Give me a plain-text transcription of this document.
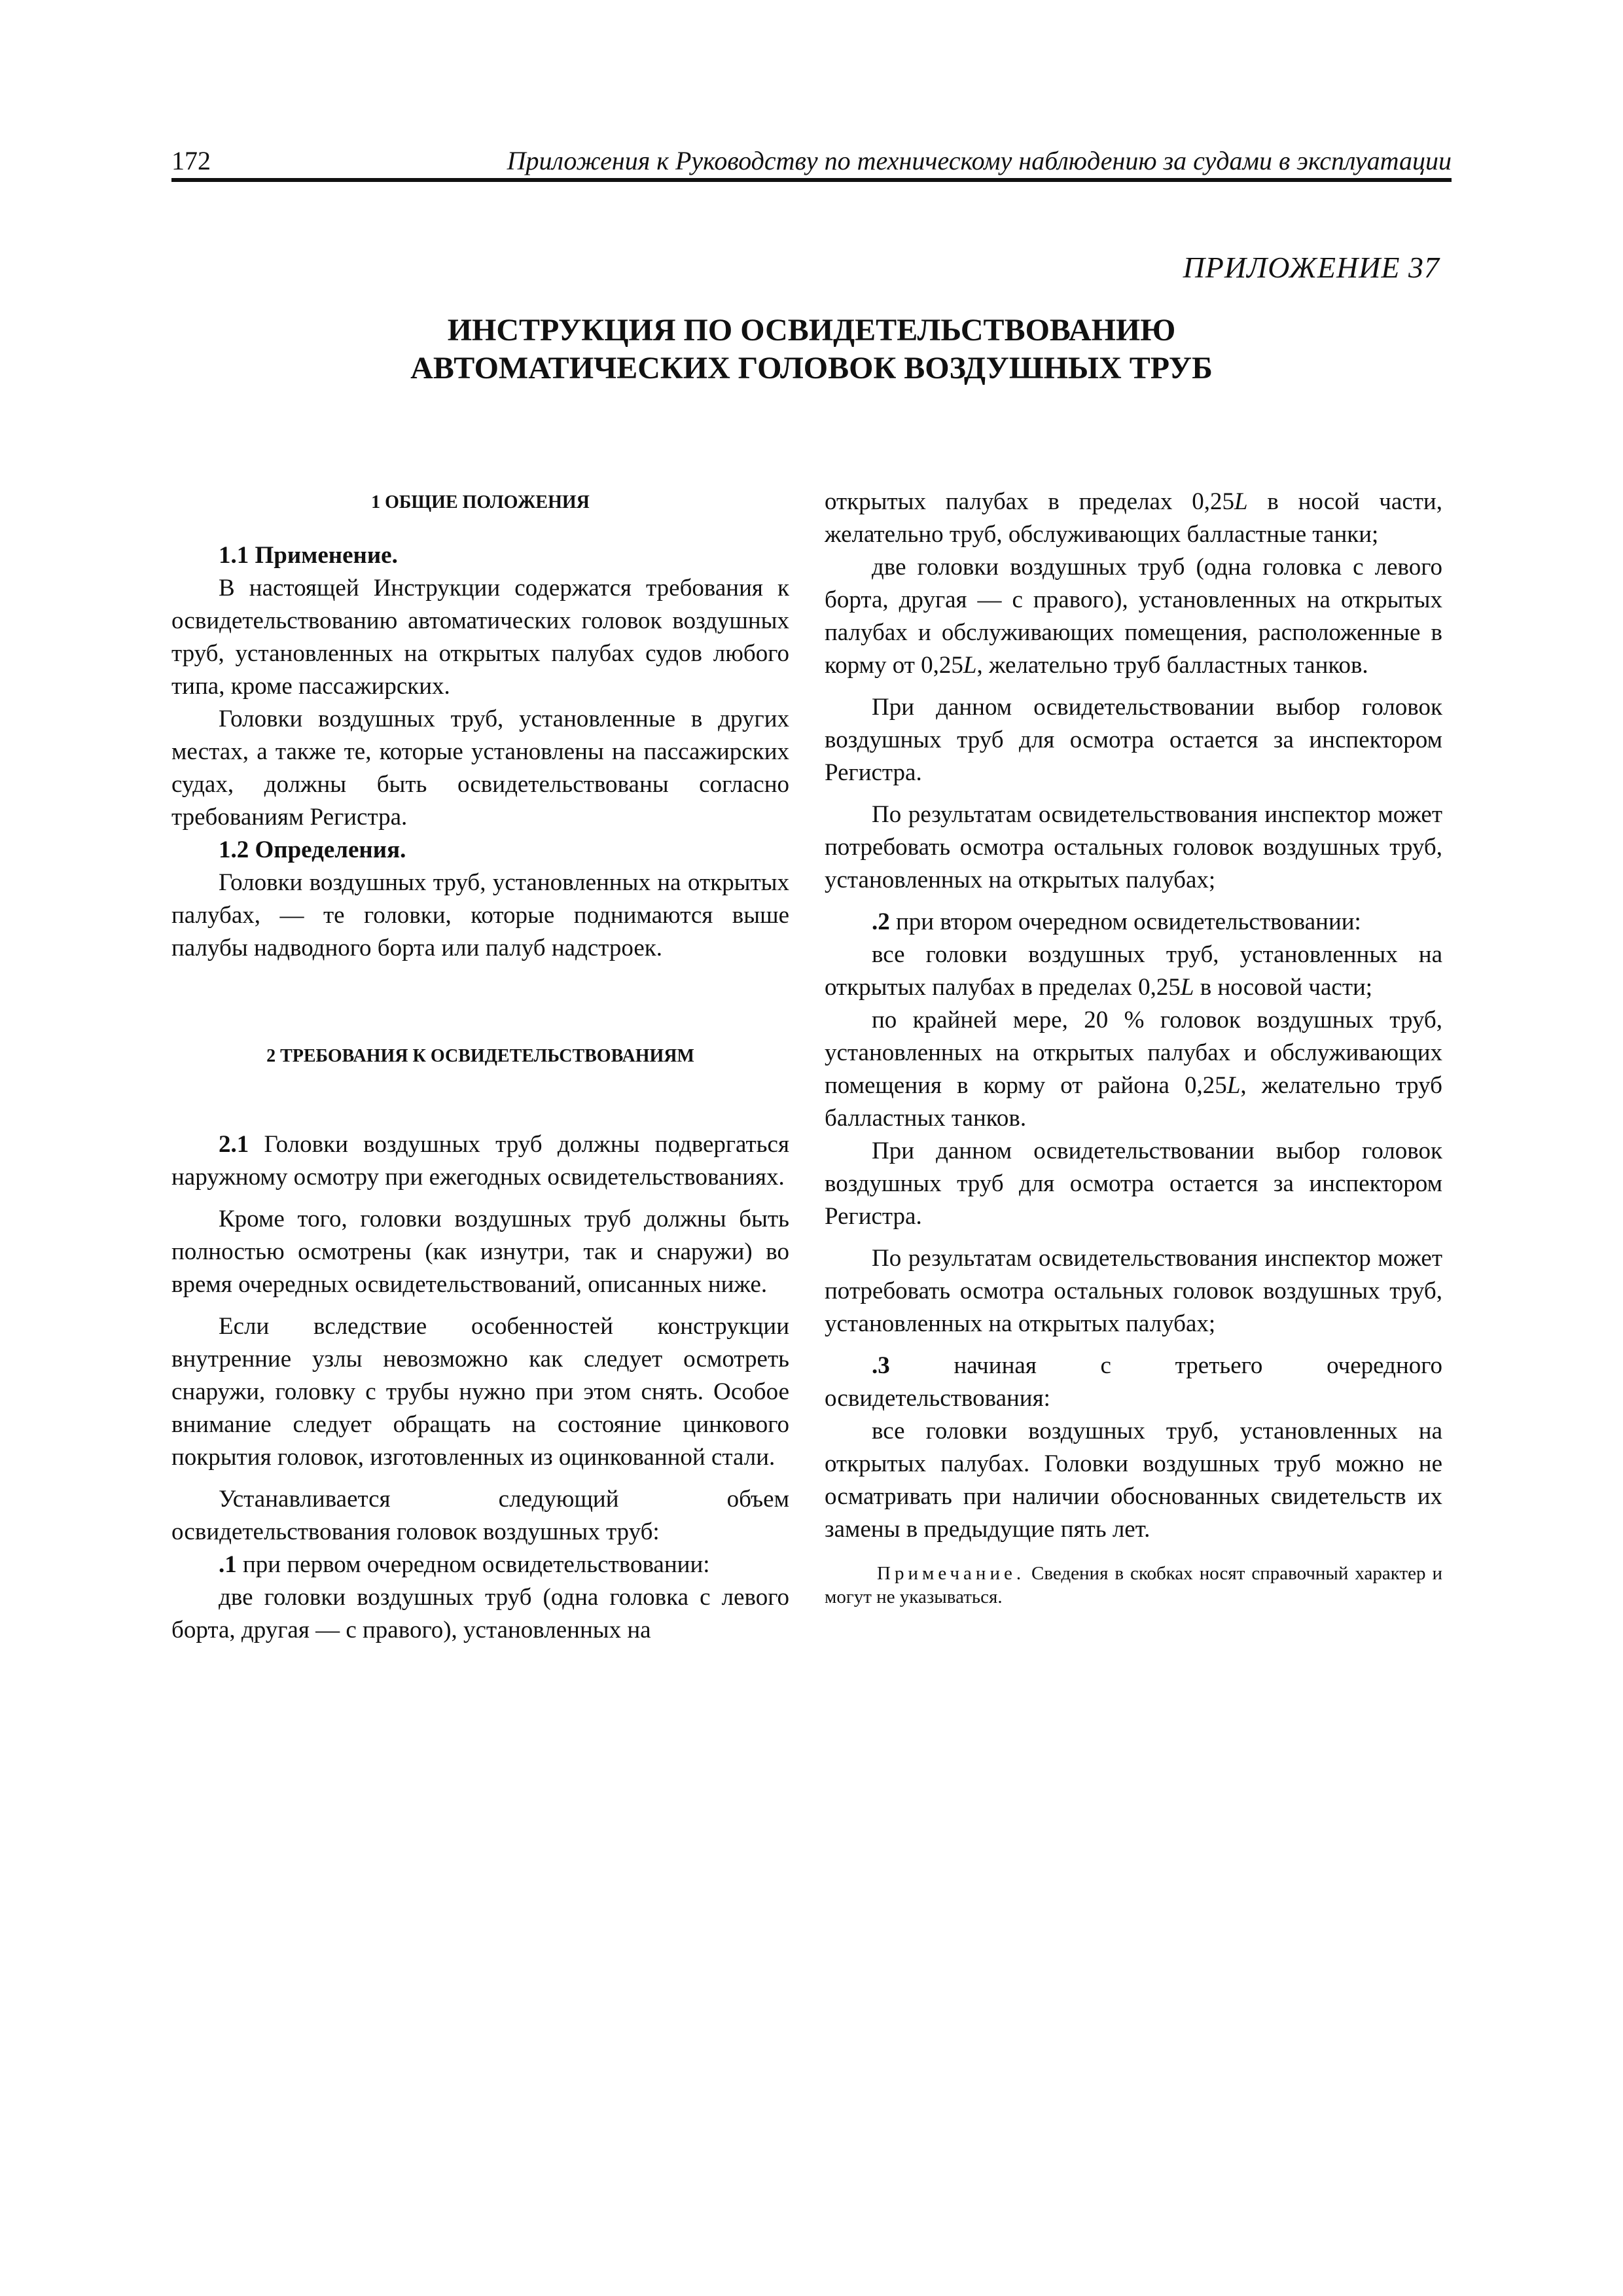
172	Приложения к Руководству по техническому наблюдению за судами в эксплуатации
ПРИЛОЖЕНИЕ 37
ИНСТРУКЦИЯ ПО ОСВИДЕТЕЛЬСТВОВАНИЮ
АВТОМАТИЧЕСКИХ ГОЛОВОК ВОЗДУШНЫХ ТРУБ
1 ОБЩИЕ ПОЛОЖЕНИЯ
1.1 Применение.

В настоящей Инструкции содержатся требования к освидетельствованию автоматических головок воздушных труб, установленных на открытых палубах судов любого типа, кроме пассажирских.

Головки воздушных труб, установленные в других местах, а также те, которые установлены на пассажирских судах, должны быть освидетельствованы согласно требованиям Регистра.

1.2 Определения.

Головки воздушных труб, установленных на открытых палубах, — те головки, которые поднимаются выше палубы надводного борта или палуб надстроек.

2 ТРЕБОВАНИЯ К ОСВИДЕТЕЛЬСТВОВАНИЯМ

2.1 Головки воздушных труб должны подвергаться наружному осмотру при ежегодных освидетельствованиях.

Кроме того, головки воздушных труб должны быть полностью осмотрены (как изнутри, так и снаружи) во время очередных освидетельствований, описанных ниже.

Если вследствие особенностей конструкции внутренние узлы невозможно как следует осмотреть снаружи, головку с трубы нужно при этом снять. Особое внимание следует обращать на состояние цинкового покрытия головок, изготовленных из оцинкованной стали.

Устанавливается следующий объем освидетельствования головок воздушных труб:

.1 при первом очередном освидетельствовании:

две головки воздушных труб (одна головка с левого борта, другая — с правого), установленных на

открытых палубах в пределах 0,25L в носой части, желательно труб, обслуживающих балластные танки;

две головки воздушных труб (одна головка с левого борта, другая — с правого), установленных на открытых палубах и обслуживающих помещения, расположенные в корму от 0,25L, желательно труб балластных танков.

При данном освидетельствовании выбор головок воздушных труб для осмотра остается за инспектором Регистра.

По результатам освидетельствования инспектор может потребовать осмотра остальных головок воздушных труб, установленных на открытых палубах;

.2 при втором очередном освидетельствовании:

все головки воздушных труб, установленных на открытых палубах в пределах 0,25L в носовой части;

по крайней мере, 20 % головок воздушных труб, установленных на открытых палубах и обслуживающих помещения в корму от района 0,25L, желательно труб балластных танков.

При данном освидетельствовании выбор головок воздушных труб для осмотра остается за инспектором Регистра.

По результатам освидетельствования инспектор может потребовать осмотра остальных головок воздушных труб, установленных на открытых палубах;

.3 начиная с третьего очередного освидетельствования:

все головки воздушных труб, установленных на открытых палубах. Головки воздушных труб можно не осматривать при наличии обоснованных свидетельств их замены в предыдущие пять лет.

Примечание. Сведения в скобках носят справочный характер и могут не указываться.
